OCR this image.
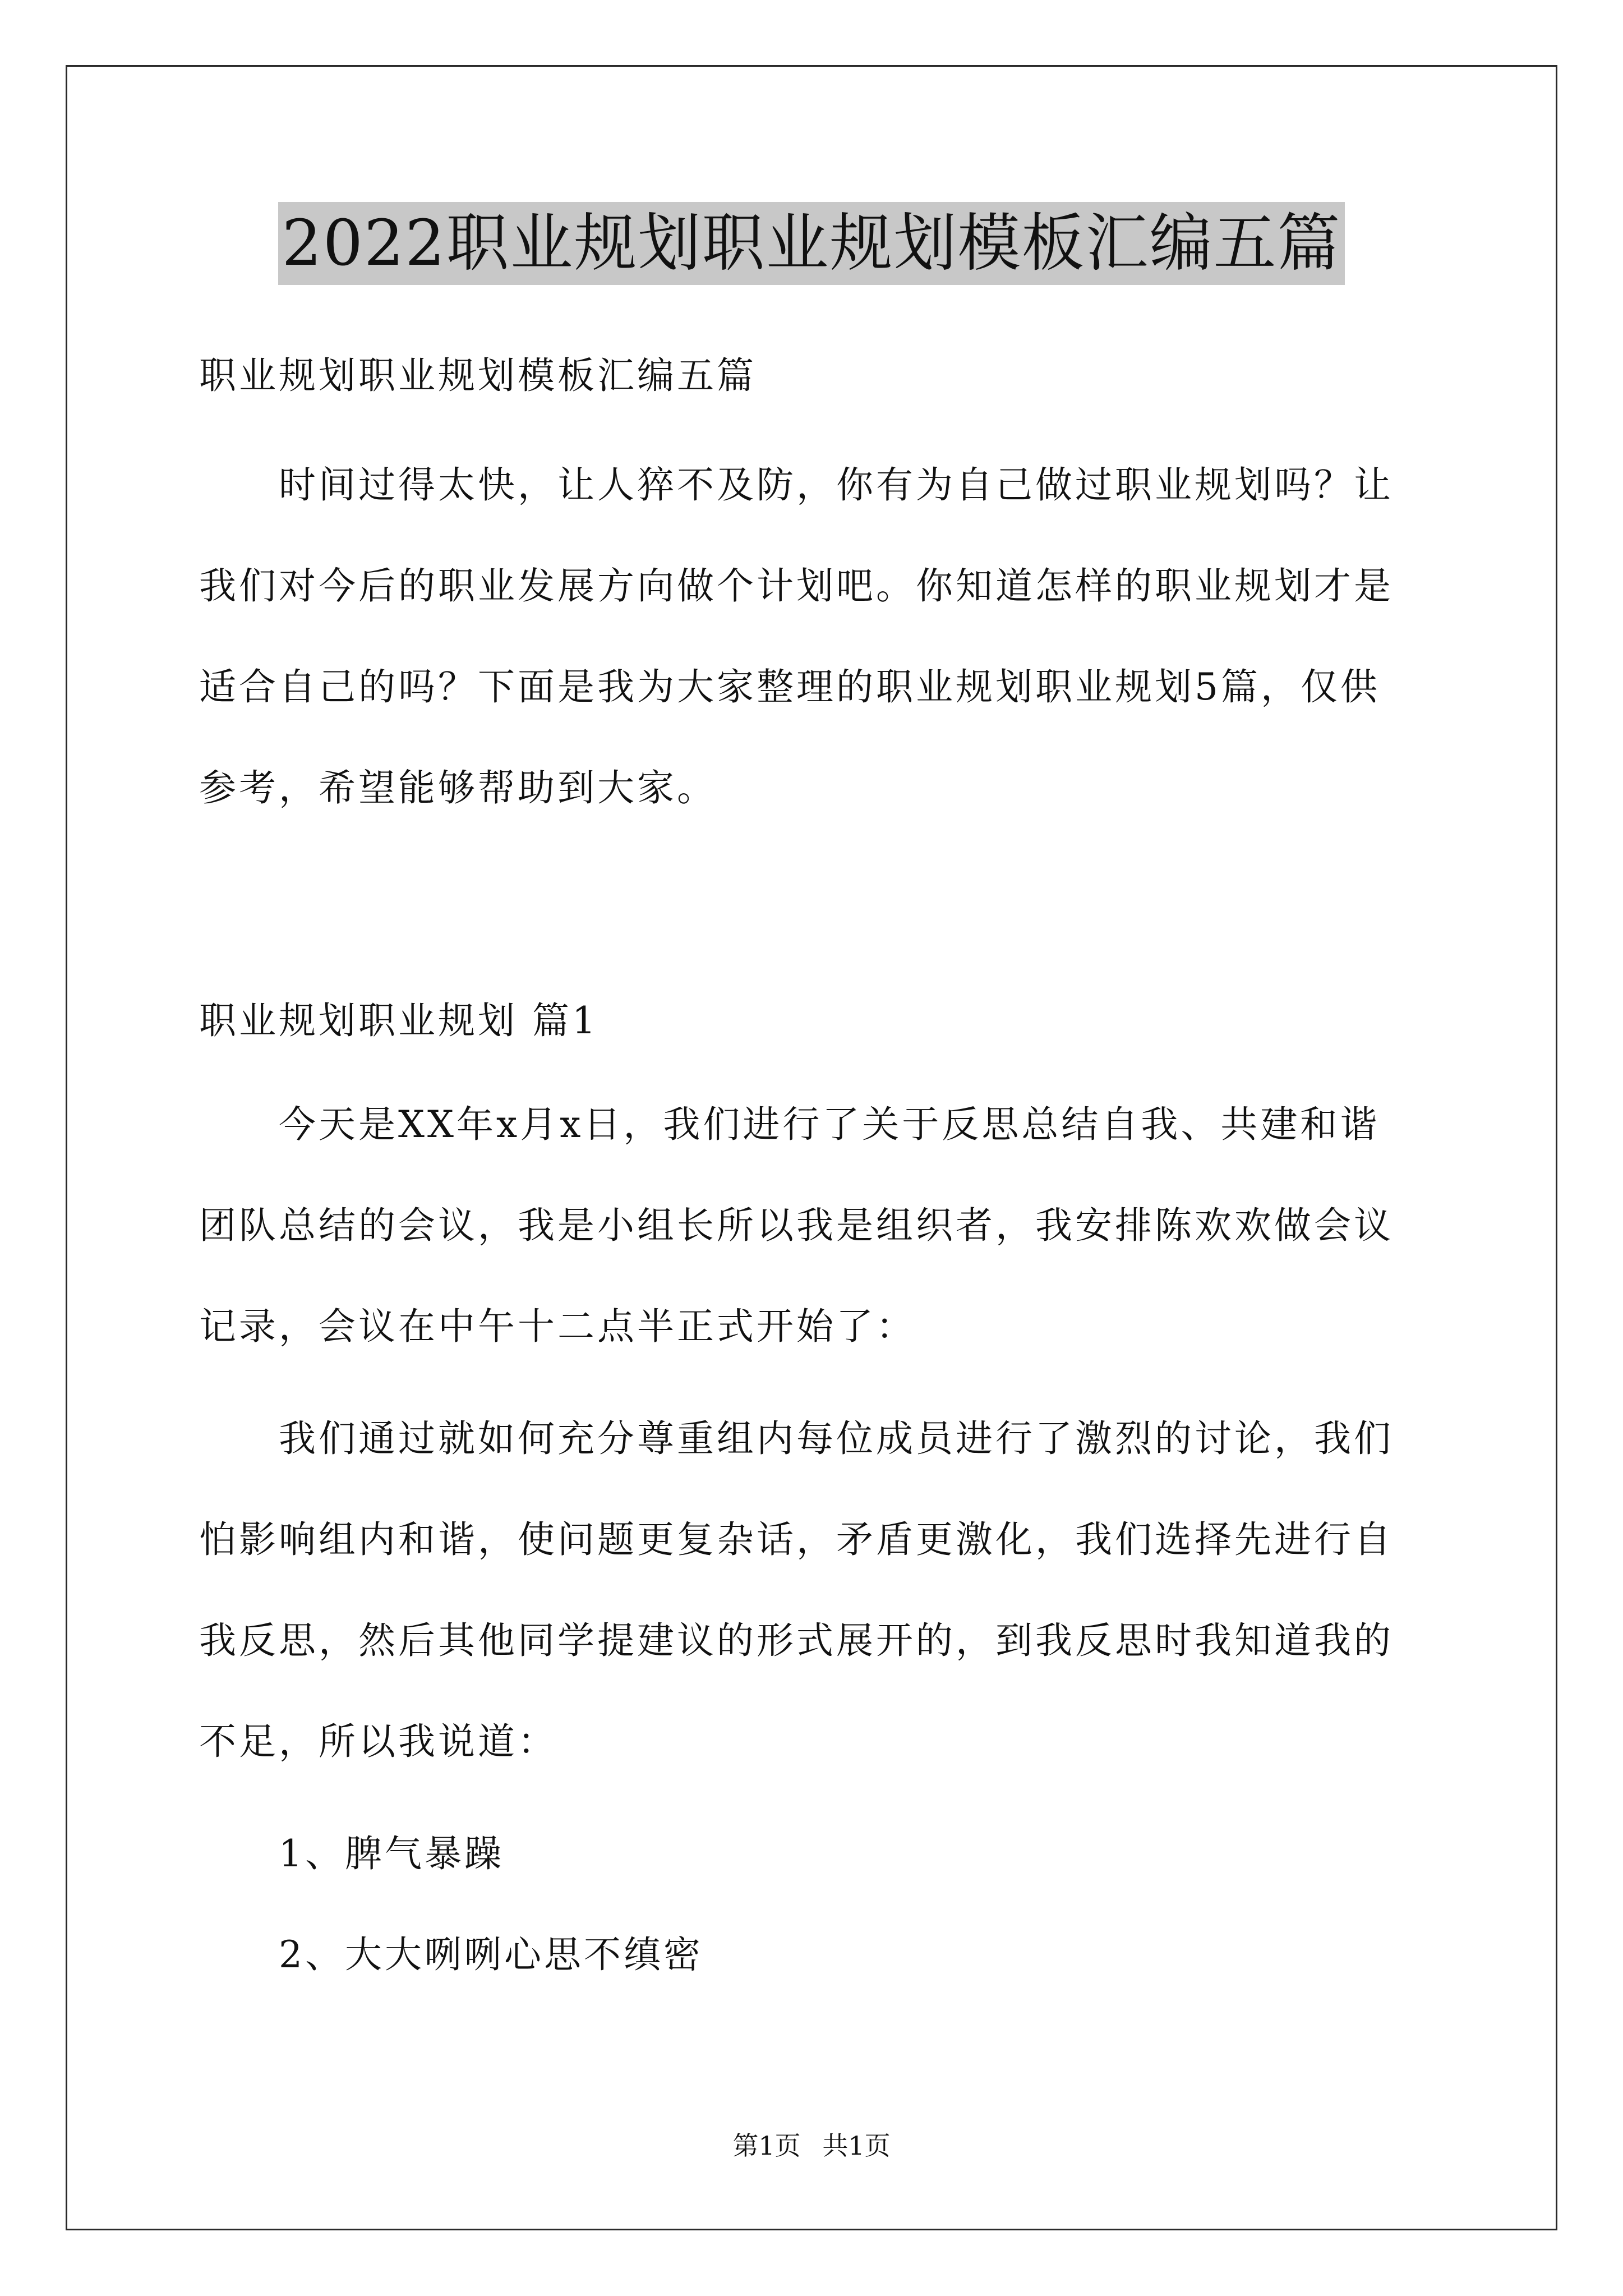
2022职业规划职业规划模板汇编五篇
职业规划职业规划模板汇编五篇
　　时间过得太快，让人猝不及防，你有为自己做过职业规划吗？让
我们对今后的职业发展方向做个计划吧。你知道怎样的职业规划才是
适合自己的吗？下面是我为大家整理的职业规划职业规划5篇，仅供
参考，希望能够帮助到大家。
职业规划职业规划 篇1
　　今天是XX年x月x日，我们进行了关于反思总结自我、共建和谐
团队总结的会议，我是小组长所以我是组织者，我安排陈欢欢做会议
记录，会议在中午十二点半正式开始了：
　　我们通过就如何充分尊重组内每位成员进行了激烈的讨论，我们
怕影响组内和谐，使问题更复杂话，矛盾更激化，我们选择先进行自
我反思，然后其他同学提建议的形式展开的，到我反思时我知道我的
不足，所以我说道：
　　1、脾气暴躁
　　2、大大咧咧心思不缜密
第1页 共1页
